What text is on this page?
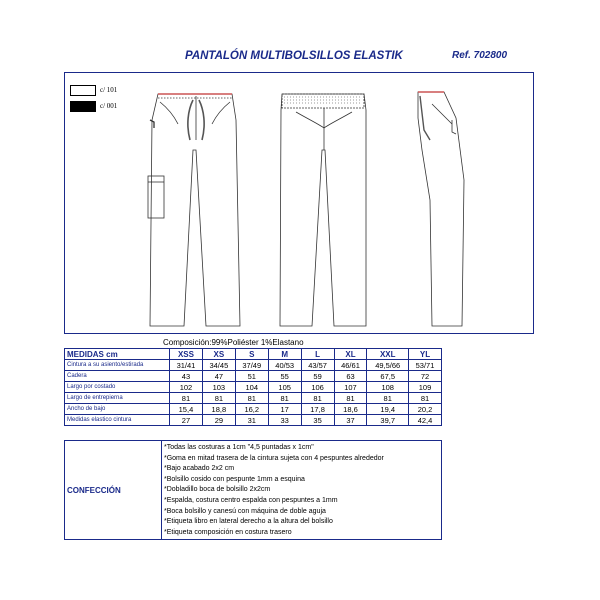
PANTALÓN MULTIBOLSILLOS ELASTIK	Ref. 702800
c/ 101
c/ 001
Composición:99%Poliéster 1%Elastano
MEDIDAS cm	XSS	XS	S	M	L	XL	XXL	YL
Cintura a su asiento/estirada	31/41	34/45	37/49	40/53	43/57	46/61	49,5/66	53/71
Cadera	43	47	51	55	59	63	67,5	72
Largo por costado	102	103	104	105	106	107	108	109
Largo de entrepierna	81	81	81	81	81	81	81	81
Ancho de bajo	15,4	18,8	16,2	17	17,8	18,6	19,4	20,2
Medidas elastico cintura	27	29	31	33	35	37	39,7	42,4
CONFECCIÓN
*Todas las costuras a 1cm "4,5 puntadas x 1cm"
*Goma en mitad trasera de la cintura sujeta con 4 pespuntes alrededor
*Bajo acabado 2x2 cm
*Bolsillo cosido con pespunte 1mm a esquina
*Dobladillo boca de bolsillo 2x2cm
*Espalda, costura centro espalda con pespuntes a 1mm
*Boca bolsillo y canesú con máquina de doble aguja
*Etiqueta libro en lateral derecho a la altura del bolsillo
*Etiqueta composición en costura trasero
